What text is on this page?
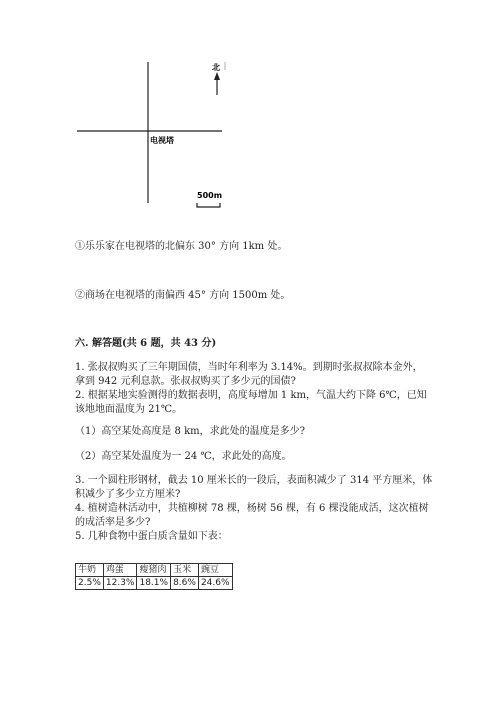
北
电视塔
500m
①乐乐家在电视塔的北偏东 30° 方向 1km 处。
②商场在电视塔的南偏西 45° 方向 1500m 处。
六. 解答题(共 6 题，共 43 分)
1. 张叔叔购买了三年期国债，当时年利率为 3.14%。到期时张叔叔除本金外，
拿到 942 元利息款。张叔叔购买了多少元的国债?
2. 根据某地实验测得的数据表明，高度每增加 1 km，气温大约下降 6℃，已知
该地地面温度为 21℃。
（1）高空某处高度是 8 km，求此处的温度是多少?
（2）高空某处温度为一 24 ℃，求此处的高度。
3. 一个圆柱形钢材，截去 10 厘米长的一段后，表面积减少了 314 平方厘米，体
积减少了多少立方厘米?
4. 植树造林活动中，共植柳树 78 棵，杨树 56 棵，有 6 棵没能成活，这次植树
的成活率是多少?
5. 几种食物中蛋白质含量如下表：
牛奶	鸡蛋	瘦猪肉	玉米	豌豆
2.5%	12.3%	18.1%	8.6%	24.6%
